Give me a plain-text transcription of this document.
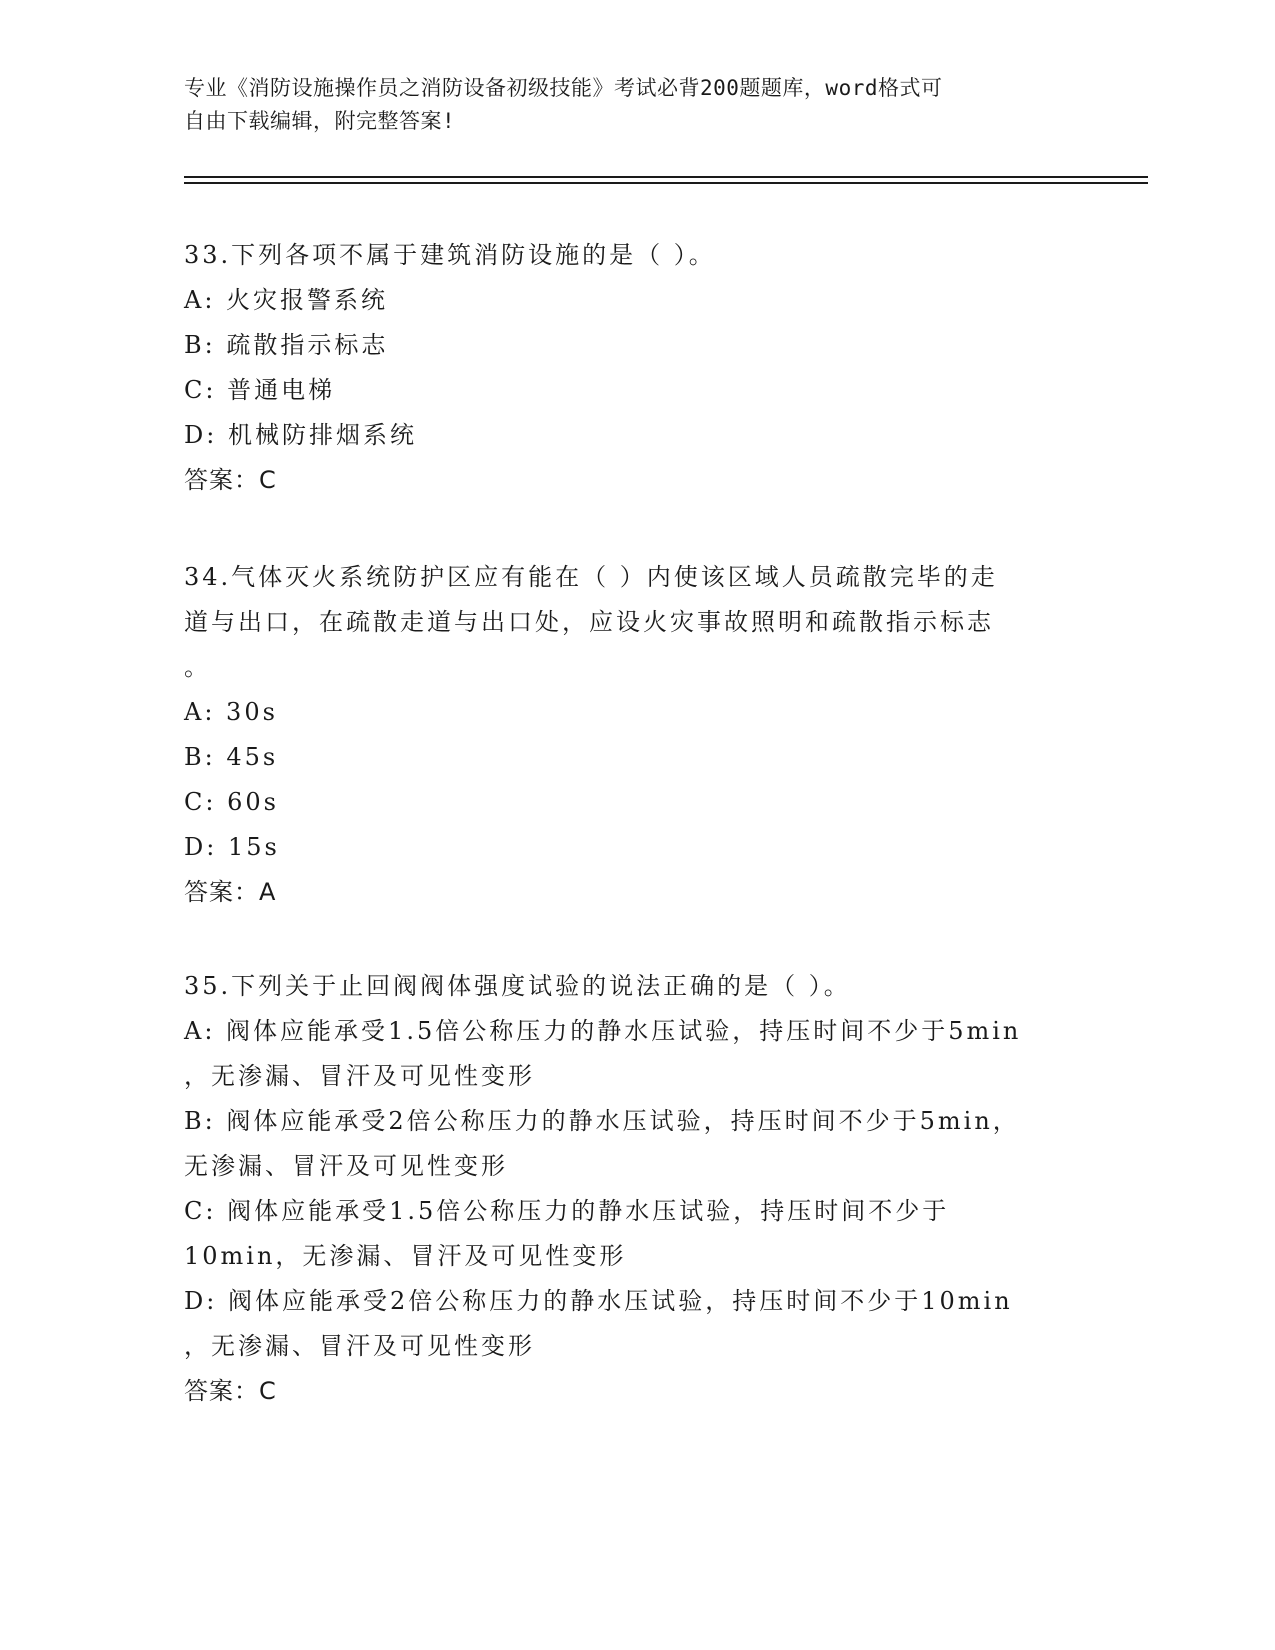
专业《消防设施操作员之消防设备初级技能》考试必背200题题库，word格式可
自由下载编辑，附完整答案!
33.下列各项不属于建筑消防设施的是（ ）。
A: 火灾报警系统
B: 疏散指示标志
C: 普通电梯
D: 机械防排烟系统
答案：C
34.气体灭火系统防护区应有能在（ ）内使该区域人员疏散完毕的走
道与出口，在疏散走道与出口处，应设火灾事故照明和疏散指示标志
。
A: 30s
B: 45s
C: 60s
D: 15s
答案：A
35.下列关于止回阀阀体强度试验的说法正确的是（ ）。
A: 阀体应能承受1.5倍公称压力的静水压试验，持压时间不少于5min
，无渗漏、冒汗及可见性变形
B: 阀体应能承受2倍公称压力的静水压试验，持压时间不少于5min，
无渗漏、冒汗及可见性变形
C: 阀体应能承受1.5倍公称压力的静水压试验，持压时间不少于
10min，无渗漏、冒汗及可见性变形
D: 阀体应能承受2倍公称压力的静水压试验，持压时间不少于10min
，无渗漏、冒汗及可见性变形
答案：C
